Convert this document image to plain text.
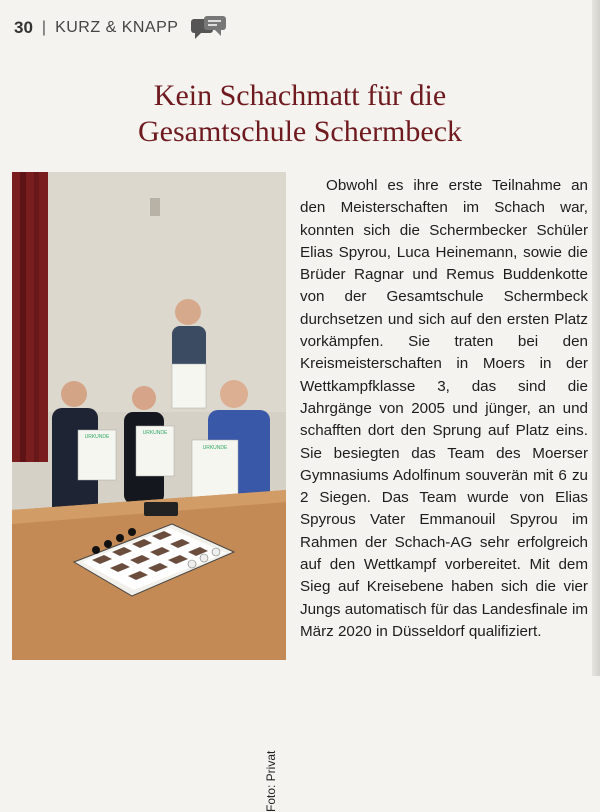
30 | KURZ & KNAPP
Kein Schachmatt für die
Gesamtschule Schermbeck
URKUNDE
URKUNDE
URKUNDE
Foto: Privat

Obwohl es ihre erste Teilnahme an den Meisterschaften im Schach war, konnten sich die Schermbecker Schüler Elias Spyrou, Luca Heinemann, sowie die Brüder Ragnar und Remus Buddenkotte von der Gesamtschule Schermbeck durchsetzen und sich auf den ersten Platz vorkämpfen. Sie traten bei den Kreismeisterschaften in Moers in der Wettkampfklasse 3, das sind die Jahrgänge von 2005 und jünger, an und schafften dort den Sprung auf Platz eins. Sie besiegten das Team des Moerser Gymnasiums Adolfinum souverän mit 6 zu 2 Siegen. Das Team wurde von Elias Spyrous Vater Emmanouil Spyrou im Rahmen der Schach-AG sehr erfolgreich auf den Wettkampf vorbereitet. Mit dem Sieg auf Kreisebene haben sich die vier Jungs automatisch für das Landesfinale im März 2020 in Düsseldorf qualifiziert.
